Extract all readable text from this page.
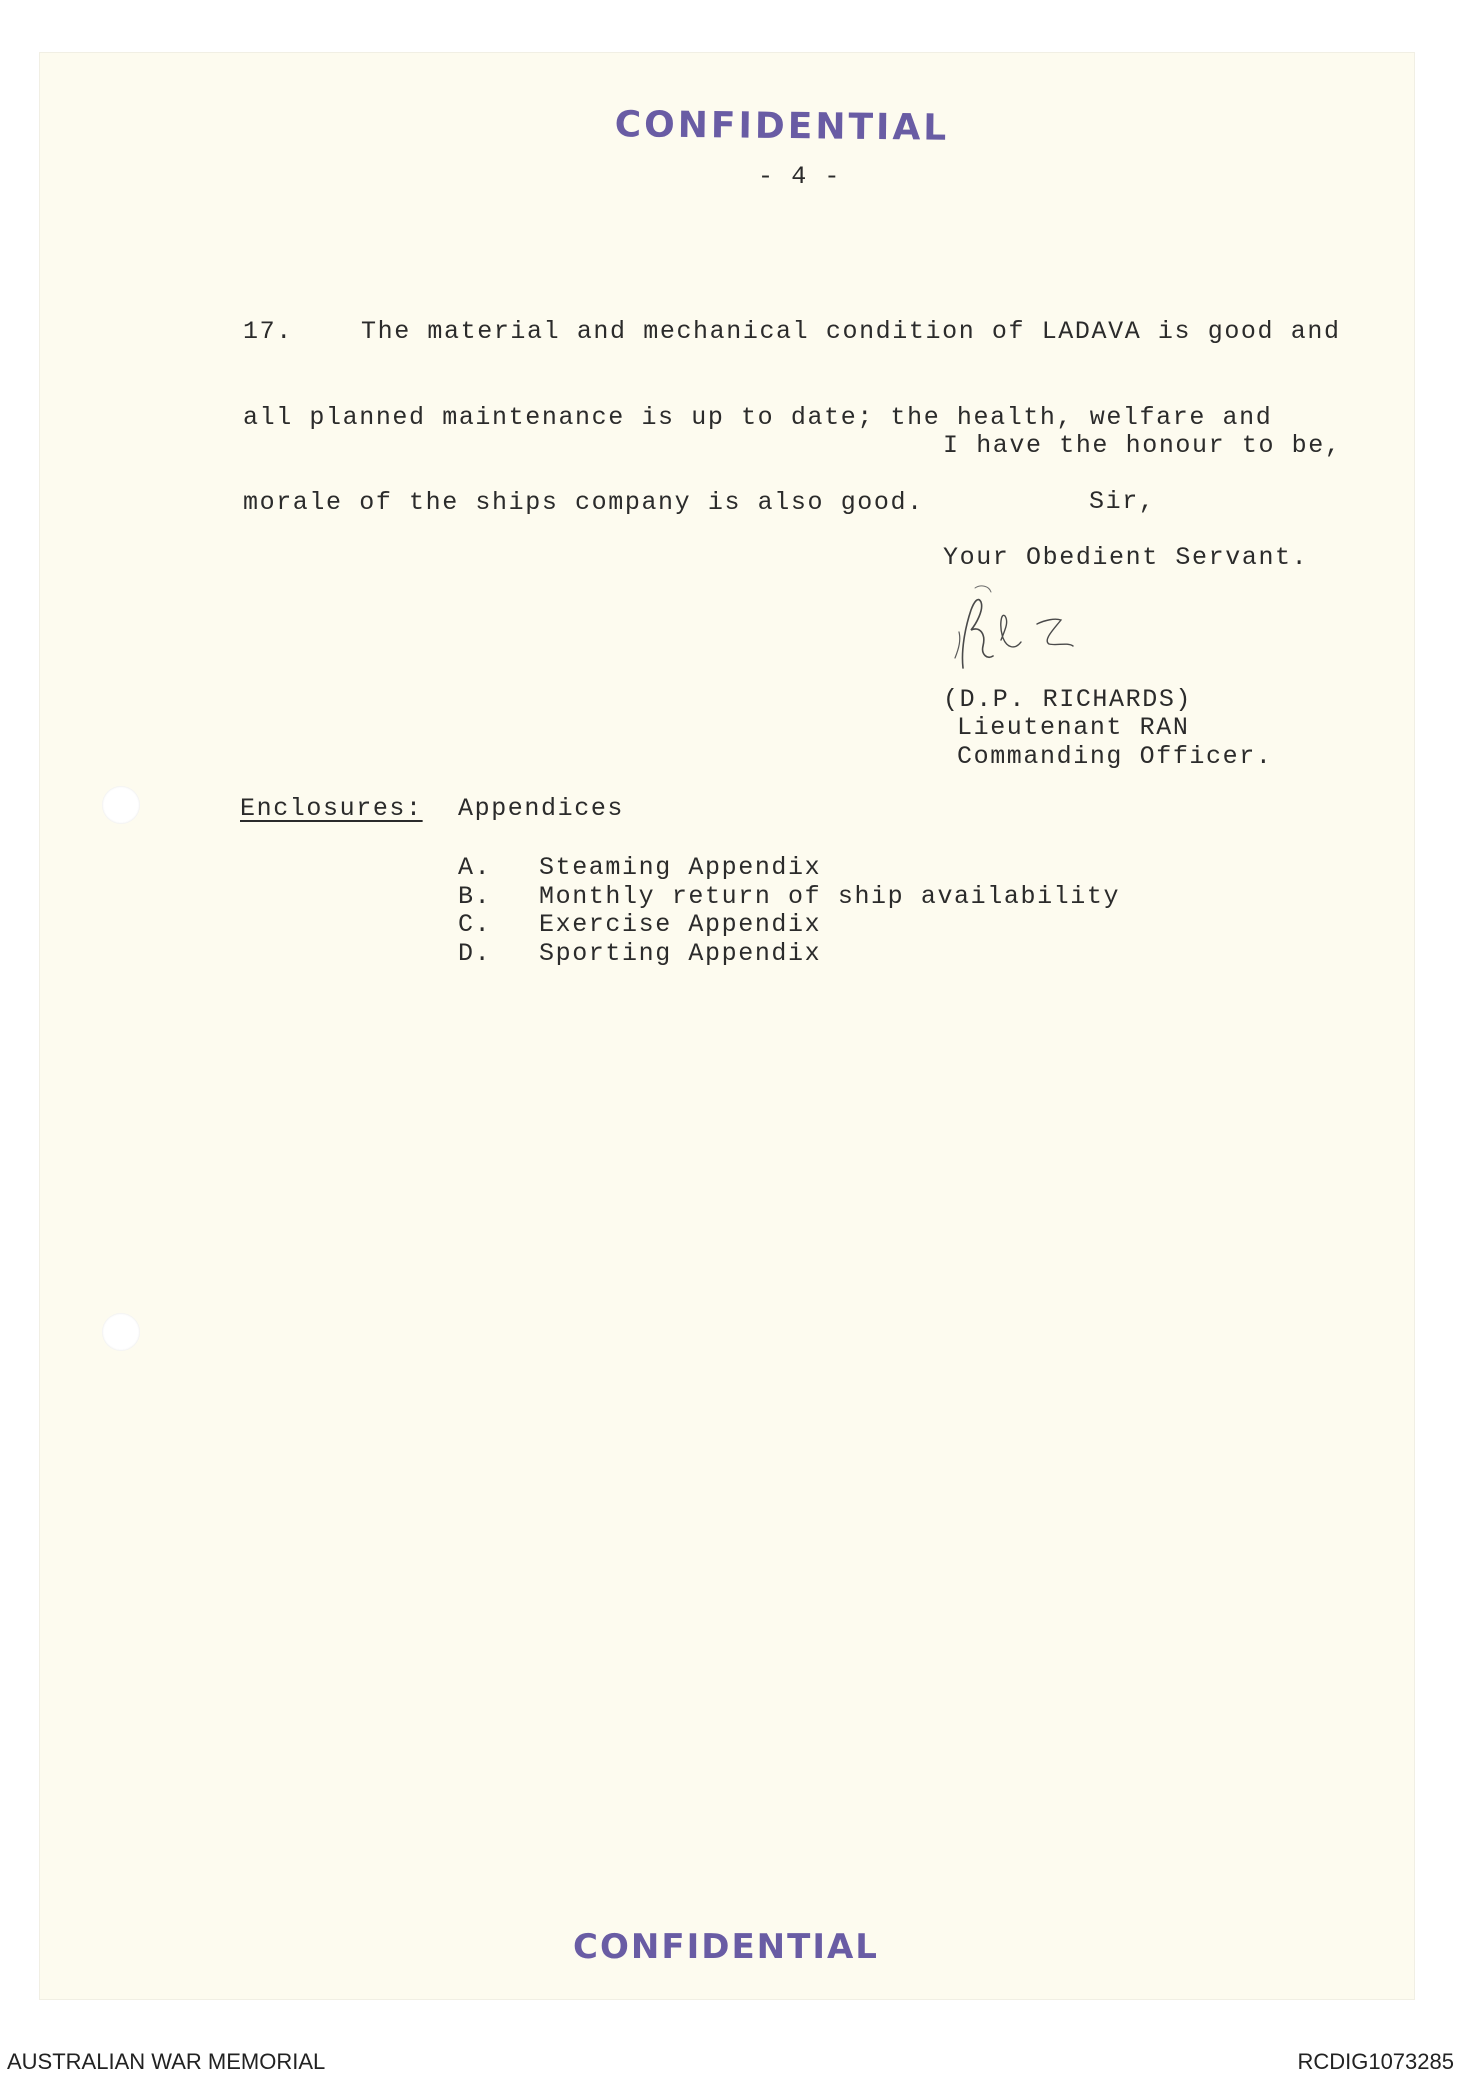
CONFIDENTIAL
- 4 -

17.	The material and mechanical condition of LADAVA is good and

all planned maintenance is up to date; the health, welfare and

morale of the ships company is also good.

I have the honour to be,
Sir,
Your Obedient Servant.
(D.P. RICHARDS)
Lieutenant RAN
Commanding Officer.
Enclosures: Appendices
A. Steaming Appendix
B. Monthly return of ship availability
C. Exercise Appendix
D. Sporting Appendix
CONFIDENTIAL
AUSTRALIAN WAR MEMORIAL	RCDIG1073285
